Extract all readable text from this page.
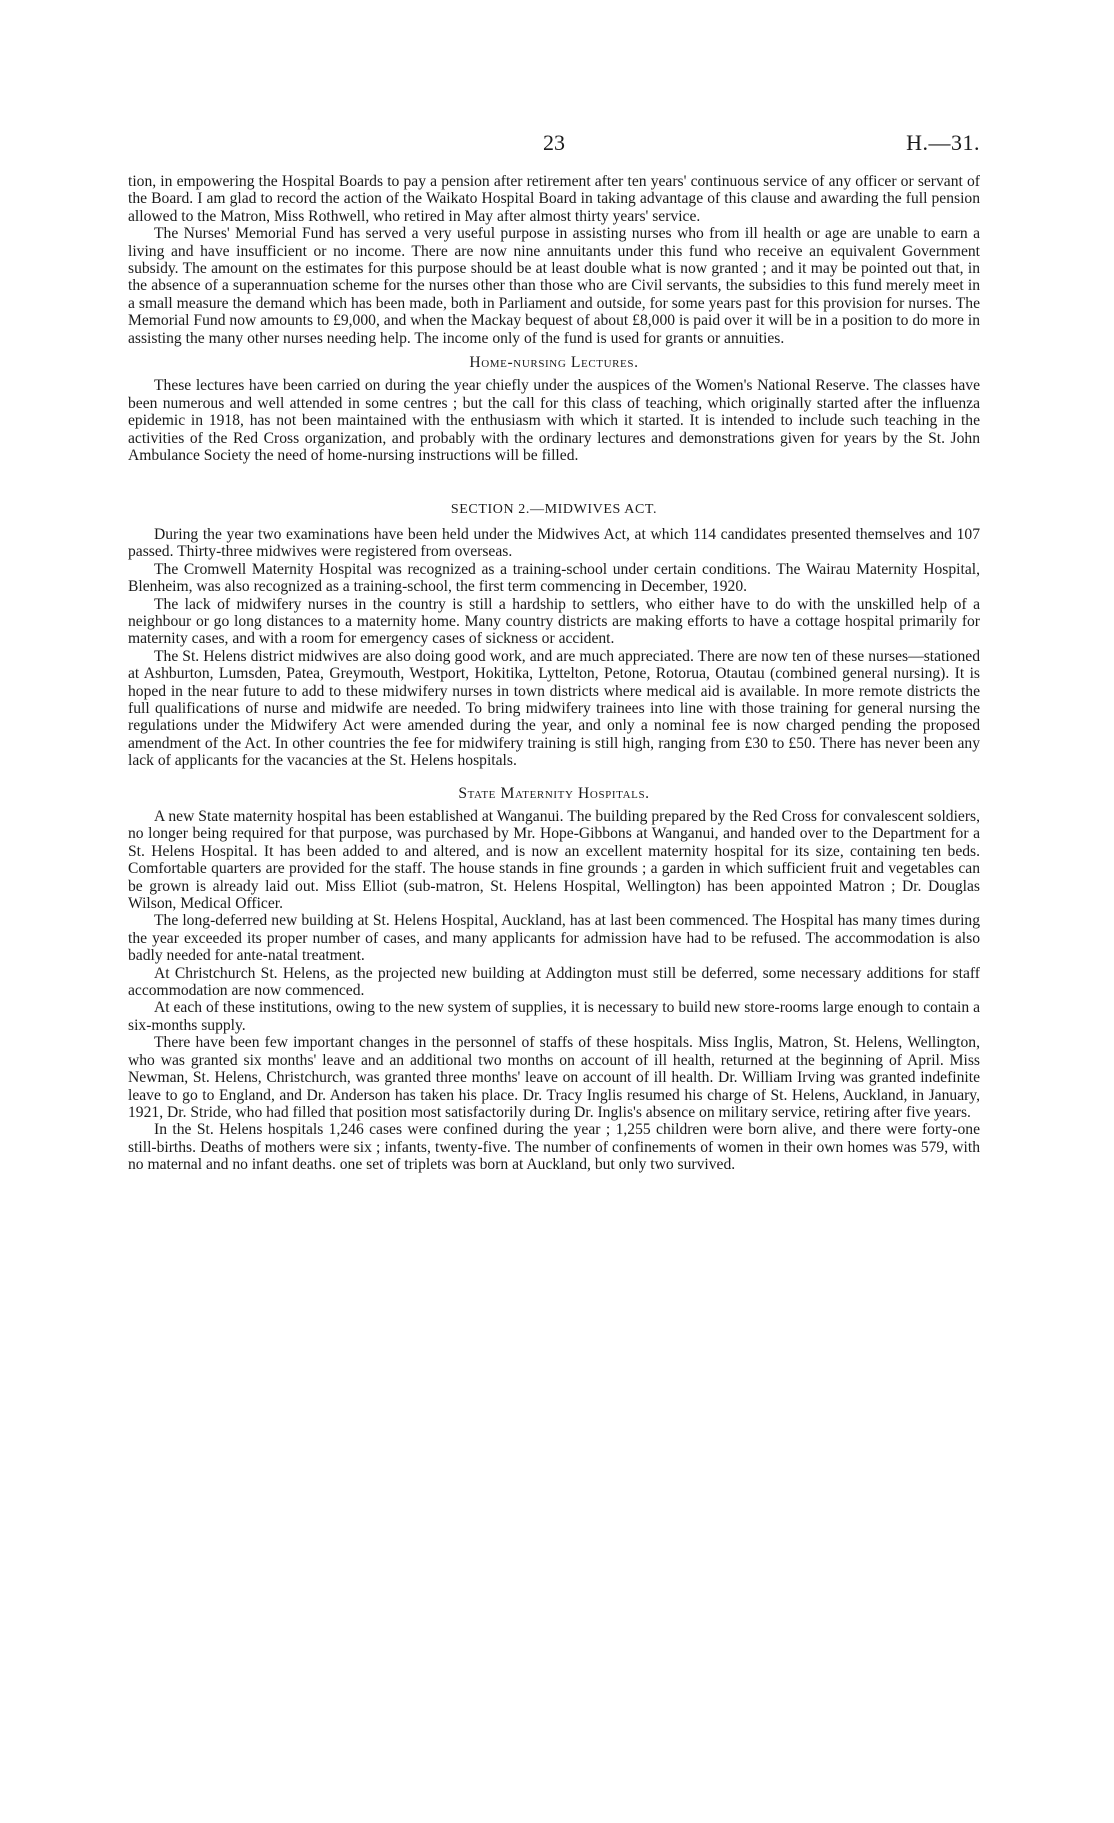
23	H.—31.

tion, in empowering the Hospital Boards to pay a pension after retirement after ten years' continuous service of any officer or servant of the Board. I am glad to record the action of the Waikato Hospital Board in taking advantage of this clause and awarding the full pension allowed to the Matron, Miss Rothwell, who retired in May after almost thirty years' service.

The Nurses' Memorial Fund has served a very useful purpose in assisting nurses who from ill health or age are unable to earn a living and have insufficient or no income. There are now nine annuitants under this fund who receive an equivalent Government subsidy. The amount on the estimates for this purpose should be at least double what is now granted ; and it may be pointed out that, in the absence of a superannuation scheme for the nurses other than those who are Civil servants, the subsidies to this fund merely meet in a small measure the demand which has been made, both in Parliament and outside, for some years past for this provision for nurses. The Memorial Fund now amounts to £9,000, and when the Mackay bequest of about £8,000 is paid over it will be in a position to do more in assisting the many other nurses needing help. The income only of the fund is used for grants or annuities.

Home-nursing Lectures.

These lectures have been carried on during the year chiefly under the auspices of the Women's National Reserve. The classes have been numerous and well attended in some centres ; but the call for this class of teaching, which originally started after the influenza epidemic in 1918, has not been maintained with the enthusiasm with which it started. It is intended to include such teaching in the activities of the Red Cross organization, and probably with the ordinary lectures and demonstrations given for years by the St. John Ambulance Society the need of home-nursing instructions will be filled.

SECTION 2.—MIDWIVES ACT.

During the year two examinations have been held under the Midwives Act, at which 114 candidates presented themselves and 107 passed. Thirty-three midwives were registered from overseas.

The Cromwell Maternity Hospital was recognized as a training-school under certain conditions. The Wairau Maternity Hospital, Blenheim, was also recognized as a training-school, the first term commencing in December, 1920.

The lack of midwifery nurses in the country is still a hardship to settlers, who either have to do with the unskilled help of a neighbour or go long distances to a maternity home. Many country districts are making efforts to have a cottage hospital primarily for maternity cases, and with a room for emergency cases of sickness or accident.

The St. Helens district midwives are also doing good work, and are much appreciated. There are now ten of these nurses—stationed at Ashburton, Lumsden, Patea, Greymouth, Westport, Hokitika, Lyttelton, Petone, Rotorua, Otautau (combined general nursing). It is hoped in the near future to add to these midwifery nurses in town districts where medical aid is available. In more remote districts the full qualifications of nurse and midwife are needed. To bring midwifery trainees into line with those training for general nursing the regulations under the Midwifery Act were amended during the year, and only a nominal fee is now charged pending the proposed amendment of the Act. In other countries the fee for midwifery training is still high, ranging from £30 to £50. There has never been any lack of applicants for the vacancies at the St. Helens hospitals.

State Maternity Hospitals.

A new State maternity hospital has been established at Wanganui. The building prepared by the Red Cross for convalescent soldiers, no longer being required for that purpose, was purchased by Mr. Hope-Gibbons at Wanganui, and handed over to the Department for a St. Helens Hospital. It has been added to and altered, and is now an excellent maternity hospital for its size, containing ten beds. Comfortable quarters are provided for the staff. The house stands in fine grounds ; a garden in which sufficient fruit and vegetables can be grown is already laid out. Miss Elliot (sub-matron, St. Helens Hospital, Wellington) has been appointed Matron ; Dr. Douglas Wilson, Medical Officer.

The long-deferred new building at St. Helens Hospital, Auckland, has at last been commenced. The Hospital has many times during the year exceeded its proper number of cases, and many applicants for admission have had to be refused. The accommodation is also badly needed for ante-natal treatment.

At Christchurch St. Helens, as the projected new building at Addington must still be deferred, some necessary additions for staff accommodation are now commenced.

At each of these institutions, owing to the new system of supplies, it is necessary to build new store-rooms large enough to contain a six-months supply.

There have been few important changes in the personnel of staffs of these hospitals. Miss Inglis, Matron, St. Helens, Wellington, who was granted six months' leave and an additional two months on account of ill health, returned at the beginning of April. Miss Newman, St. Helens, Christchurch, was granted three months' leave on account of ill health. Dr. William Irving was granted indefinite leave to go to England, and Dr. Anderson has taken his place. Dr. Tracy Inglis resumed his charge of St. Helens, Auckland, in January, 1921, Dr. Stride, who had filled that position most satisfactorily during Dr. Inglis's absence on military service, retiring after five years.

In the St. Helens hospitals 1,246 cases were confined during the year ; 1,255 children were born alive, and there were forty-one still-births. Deaths of mothers were six ; infants, twenty-five. The number of confinements of women in their own homes was 579, with no maternal and no infant deaths. one set of triplets was born at Auckland, but only two survived.
